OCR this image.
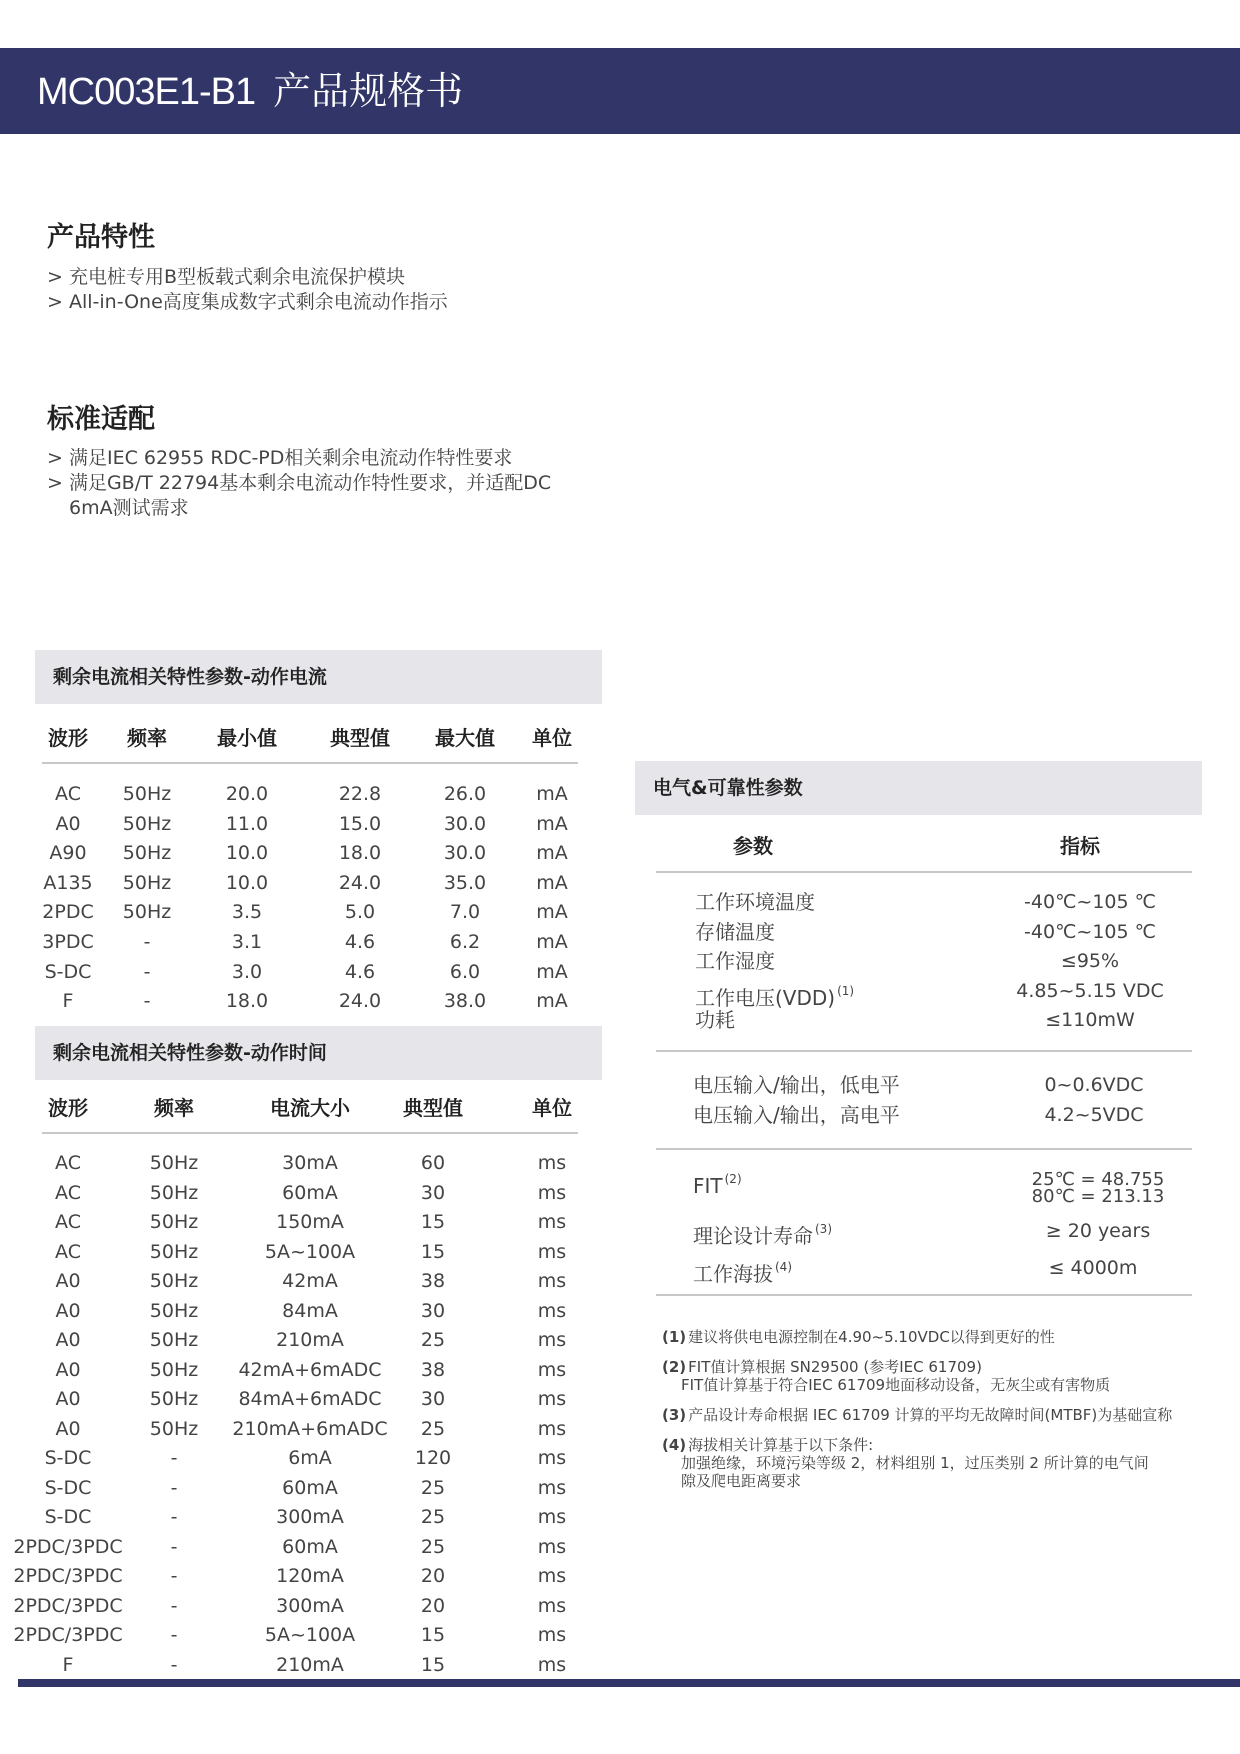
MC003E1-B1 产品规格书
产品特性
> 充电桩专用B型板载式剩余电流保护模块
> All-in-One高度集成数字式剩余电流动作指示
标准适配
> 满足IEC 62955 RDC-PD相关剩余电流动作特性要求
> 满足GB/T 22794基本剩余电流动作特性要求，并适配DC
6mA测试需求
剩余电流相关特性参数-动作电流
波形 频率	最小值	典型值 最大值 单位
AC 50Hz	20.0	22.8	26.0	mA
A0 50Hz	11.0	15.0	30.0	mA
A90 50Hz	10.0	18.0	30.0	mA
A135 50Hz	10.0	24.0	35.0	mA
2PDC 50Hz	3.5	5.0	7.0	mA
3PDC	-	3.1	4.6	6.2	mA
S-DC	-	3.0	4.6	6.0	mA
F	-	18.0	24.0	38.0	mA
剩余电流相关特性参数-动作时间
波形	频率	电流大小	典型值	单位
AC	50Hz	30mA	60	ms
AC	50Hz	60mA	30	ms
AC	50Hz	150mA	15	ms
AC	50Hz	5A~100A	15	ms
A0	50Hz	42mA	38	ms
A0	50Hz	84mA	30	ms
A0	50Hz	210mA	25	ms
A0	50Hz 42mA+6mADC 38	ms
A0	50Hz 84mA+6mADC 30	ms
A0	50Hz 210mA+6mADC 25	ms
S-DC	-	6mA	120	ms
S-DC	-	60mA	25	ms
S-DC	-	300mA	25	ms
2PDC/3PDC	-	60mA	25	ms
2PDC/3PDC	-	120mA	20	ms
2PDC/3PDC	-	300mA	20	ms
2PDC/3PDC	-	5A~100A	15	ms
F	-	210mA	15	ms
电气&可靠性参数
参数	指标
工作环境温度	-40℃~105 ℃
存储温度	-40℃~105 ℃
工作湿度	≤95%
工作电压(VDD) $^{(1)}$	4.85~5.15 VDC
功耗	≤110mW
电压输入/输出，低电平	0~0.6VDC
电压输入/输出，高电平	4.2~5VDC
FIT $^{(2)}$	25℃ = 48.755
80℃ = 213.13
理论设计寿命 $^{(3)}$	≥ 20 years
工作海拔 $^{(4)}$	≤ 4000m
(1) 建议将供电电源控制在4.90~5.10VDC以得到更好的性
(2) FIT值计算根据 SN29500 (参考IEC 61709)
FIT值计算基于符合IEC 61709地面移动设备，无灰尘或有害物质
(3) 产品设计寿命根据 IEC 61709 计算的平均无故障时间(MTBF)为基础宣称
(4) 海拔相关计算基于以下条件:
加强绝缘，环境污染等级 2，材料组别 1，过压类别 2 所计算的电气间
隙及爬电距离要求
